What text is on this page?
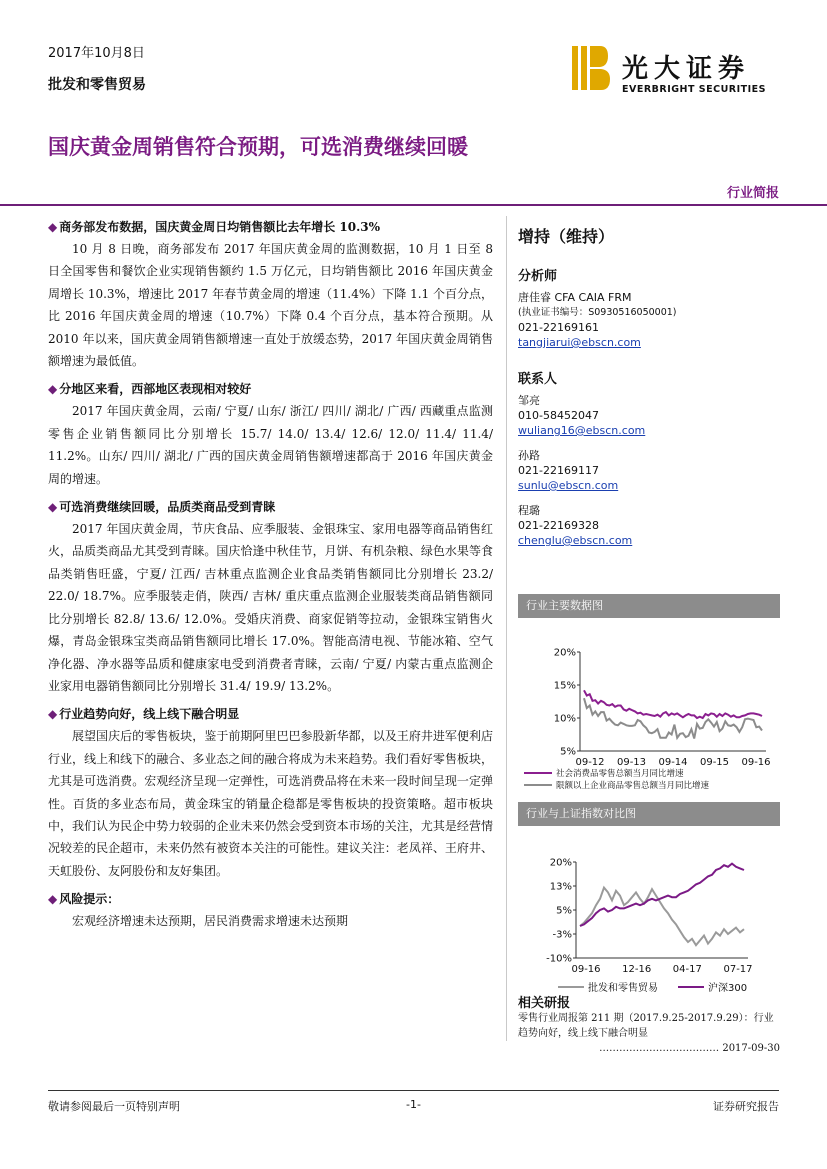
2017年10月8日
批发和零售贸易
光大证券
EVERBRIGHT SECURITIES
国庆黄金周销售符合预期，可选消费继续回暖
行业简报
◆ 商务部发布数据，国庆黄金周日均销售额比去年增长 10.3%

10 月 8 日晚，商务部发布 2017 年国庆黄金周的监测数据，10 月 1 日至 8 日全国零售和餐饮企业实现销售额约 1.5 万亿元，日均销售额比 2016 年国庆黄金周增长 10.3%，增速比 2017 年春节黄金周的增速（11.4%）下降 1.1 个百分点，比 2016 年国庆黄金周的增速（10.7%）下降 0.4 个百分点，基本符合预期。从 2010 年以来，国庆黄金周销售额增速一直处于放缓态势，2017 年国庆黄金周销售额增速为最低值。

◆ 分地区来看，西部地区表现相对较好

2017 年国庆黄金周，云南/ 宁夏/ 山东/ 浙江/ 四川/ 湖北/ 广西/ 西藏重点监测零售企业销售额同比分别增长 15.7/ 14.0/ 13.4/ 12.6/ 12.0/ 11.4/ 11.4/ 11.2%。山东/ 四川/ 湖北/ 广西的国庆黄金周销售额增速都高于 2016 年国庆黄金周的增速。

◆ 可选消费继续回暖，品质类商品受到青睐

2017 年国庆黄金周，节庆食品、应季服装、金银珠宝、家用电器等商品销售红火，品质类商品尤其受到青睐。国庆恰逢中秋佳节，月饼、有机杂粮、绿色水果等食品类销售旺盛，宁夏/ 江西/ 吉林重点监测企业食品类销售额同比分别增长 23.2/ 22.0/ 18.7%。应季服装走俏，陕西/ 吉林/ 重庆重点监测企业服装类商品销售额同比分别增长 82.8/ 13.6/ 12.0%。受婚庆消费、商家促销等拉动，金银珠宝销售火爆，青岛金银珠宝类商品销售额同比增长 17.0%。智能高清电视、节能冰箱、空气净化器、净水器等品质和健康家电受到消费者青睐，云南/ 宁夏/ 内蒙古重点监测企业家用电器销售额同比分别增长 31.4/ 19.9/ 13.2%。

◆ 行业趋势向好，线上线下融合明显

展望国庆后的零售板块，鉴于前期阿里巴巴参股新华都，以及王府井进军便利店行业，线上和线下的融合、多业态之间的融合将成为未来趋势。我们看好零售板块，尤其是可选消费。宏观经济呈现一定弹性，可选消费品将在未来一段时间呈现一定弹性。百货的多业态布局，黄金珠宝的销量企稳都是零售板块的投资策略。超市板块中，我们认为民企中势力较弱的企业未来仍然会受到资本市场的关注，尤其是经营情况较差的民企超市，未来仍然有被资本关注的可能性。建议关注：老凤祥、王府井、天虹股份、友阿股份和友好集团。

◆ 风险提示：

宏观经济增速未达预期，居民消费需求增速未达预期

增持（维持）
分析师
唐佳睿 CFA CAIA FRM
(执业证书编号：S0930516050001)
021-22169161
tangjiarui@ebscn.com
联系人
邹亮
010-58452047
wuliang16@ebscn.com
孙路
021-22169117
sunlu@ebscn.com
程璐
021-22169328
chenglu@ebscn.com
行业主要数据图
20%
15%
10%
5%
09-12 09-13 09-14 09-15 09-16
社会消费品零售总额当月同比增速
限额以上企业商品零售总额当月同比增速
行业与上证指数对比图
20%
13%
5%
-3%
-10%
09-16 12-16 04-17 07-17
批发和零售贸易	沪深300
相关研报
零售行业周报第 211 期（2017.9.25-2017.9.29）：行业趋势向好，线上线下融合明显
……………………………… 2017-09-30
敬请参阅最后一页特别声明	-1-	证券研究报告
